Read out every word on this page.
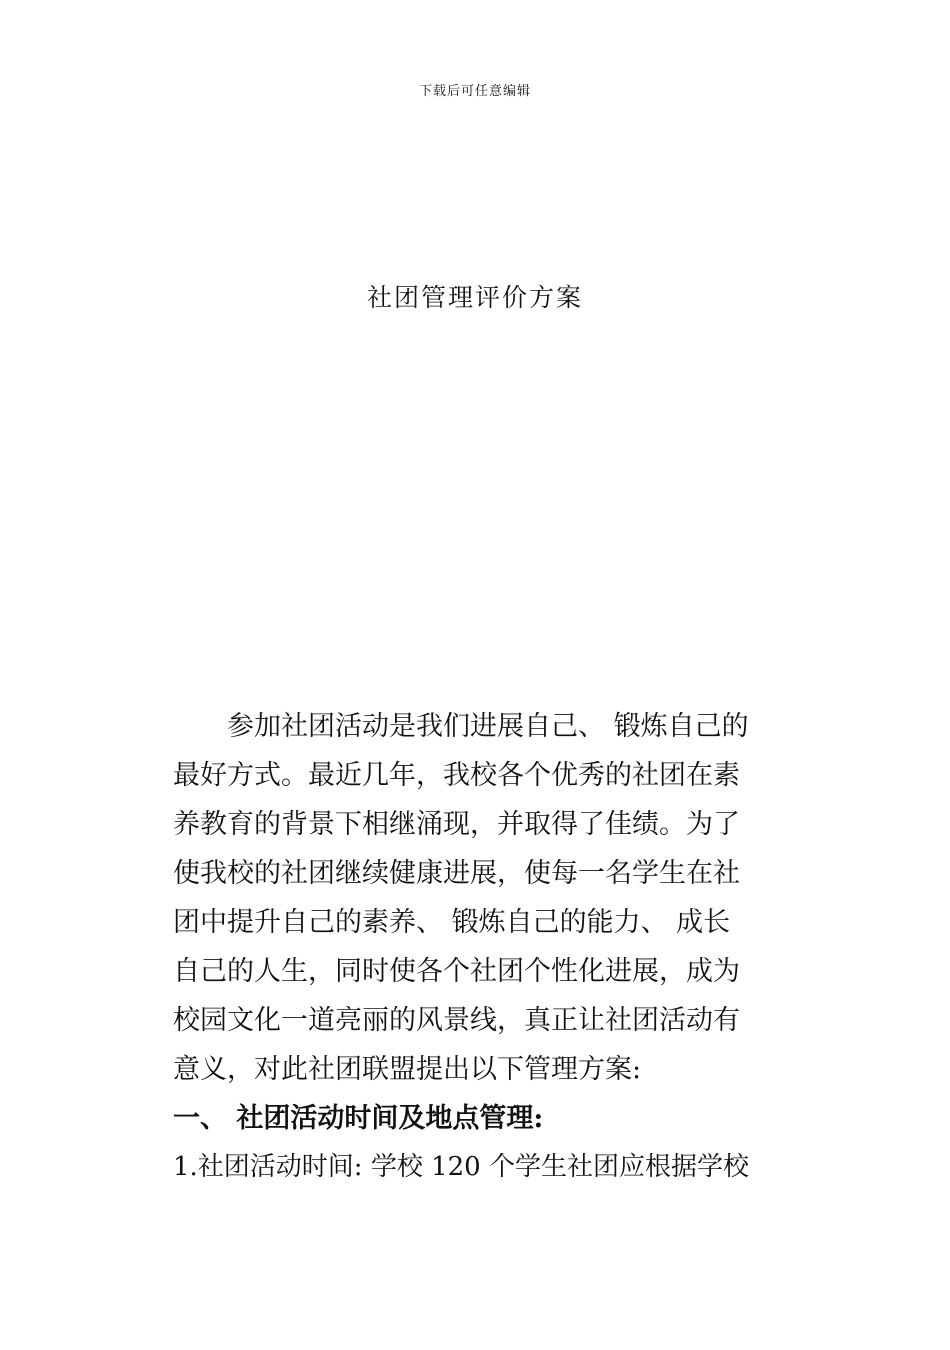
下载后可任意编辑
社团管理评价方案
　　参加社团活动是我们进展自己、 锻炼自己的
最好方式。最近几年，我校各个优秀的社团在素
养教育的背景下相继涌现，并取得了佳绩。为了
使我校的社团继续健康进展，使每一名学生在社
团中提升自己的素养、 锻炼自己的能力、 成长
自己的人生，同时使各个社团个性化进展，成为
校园文化一道亮丽的风景线，真正让社团活动有
意义，对此社团联盟提出以下管理方案:
一、 社团活动时间及地点管理:
1.社团活动时间: 学校 120 个学生社团应根据学校
